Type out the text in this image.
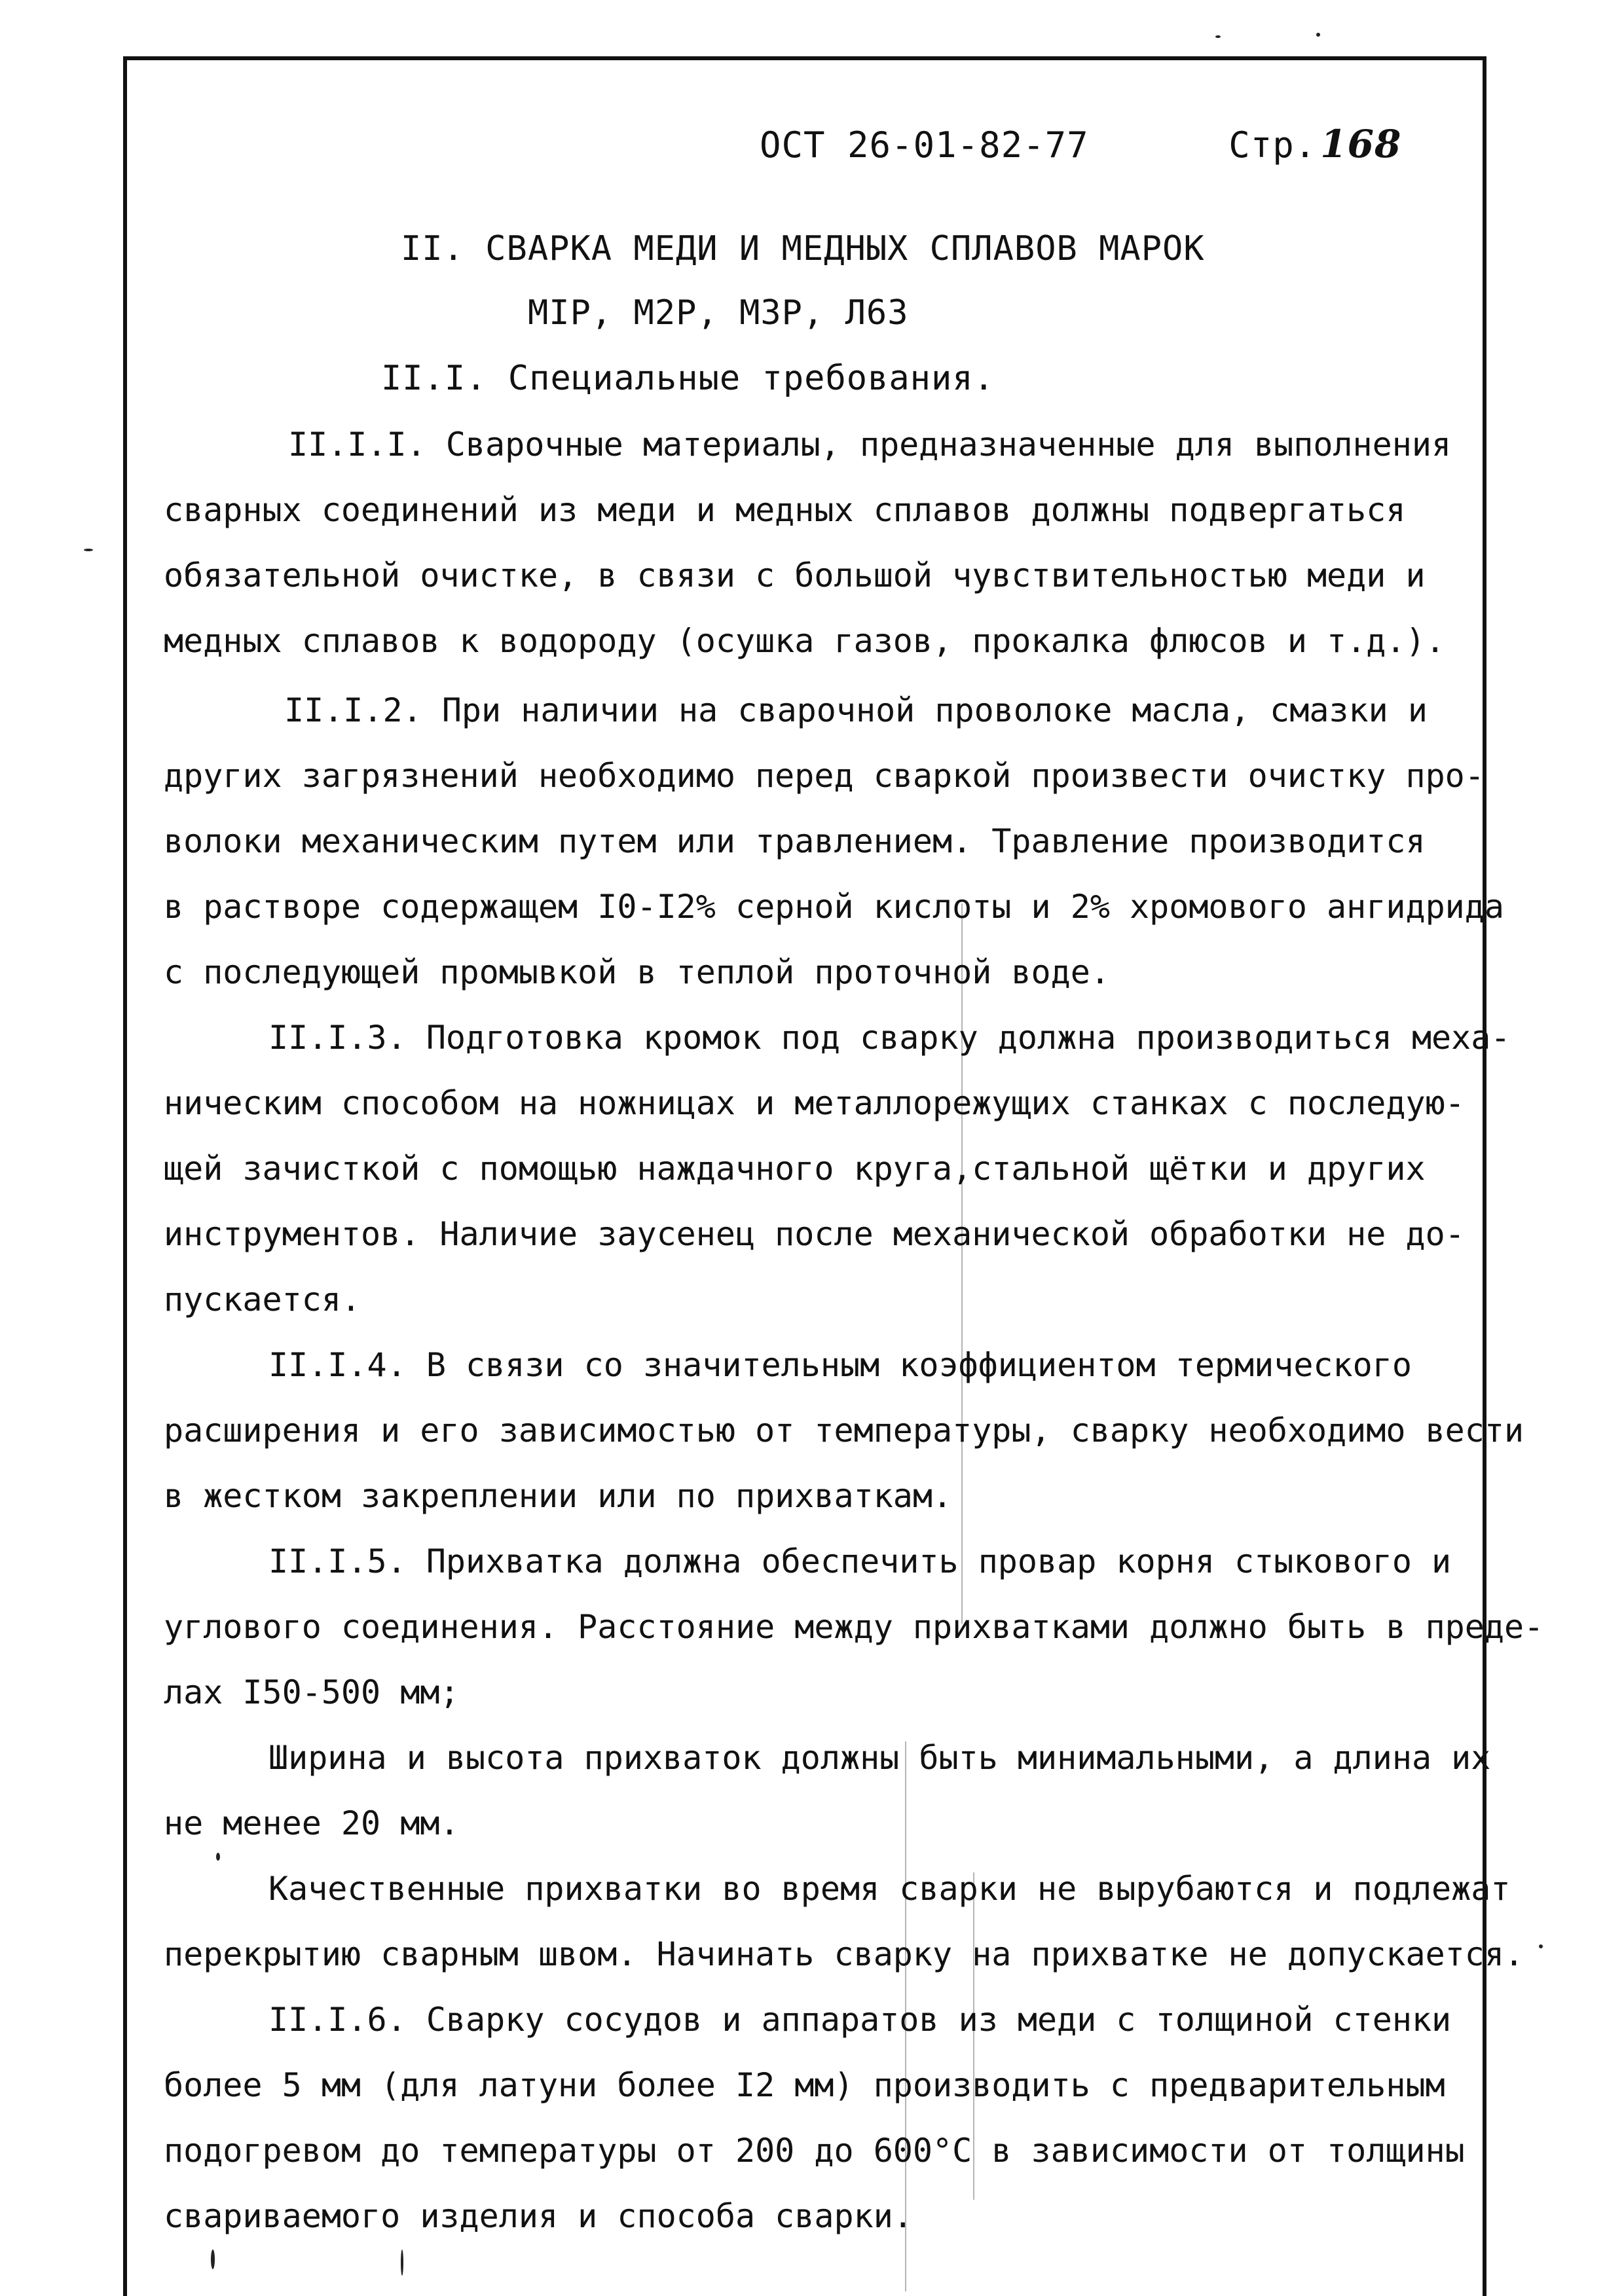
ОСТ 26-01-82-77	Стр. 168
II. СВАРКА МЕДИ И МЕДНЫХ СПЛАВОВ МАРОК
МIР, М2Р, М3Р, Л63
II.I. Специальные требования.
II.I.I. Сварочные материалы, предназначенные для выполнения
сварных соединений из меди и медных сплавов должны подвергаться
обязательной очистке, в связи с большой чувствительностью меди и
медных сплавов к водороду (осушка газов, прокалка флюсов и т.д.).
II.I.2. При наличии на сварочной проволоке масла, смазки и
других загрязнений необходимо перед сваркой произвести очистку про-
волоки механическим путем или травлением. Травление производится
в растворе содержащем I0-I2% серной кислоты и 2% хромового ангидрида
с последующей промывкой в теплой проточной воде.
II.I.3. Подготовка кромок под сварку должна производиться меха-
ническим способом на ножницах и металлорежущих станках с последую-
щей зачисткой с помощью наждачного круга,стальной щётки и других
инструментов. Наличие заусенец после механической обработки не до-
пускается.
II.I.4. В связи со значительным коэффициентом термического
расширения и его зависимостью от температуры, сварку необходимо вести
в жестком закреплении или по прихваткам.
II.I.5. Прихватка должна обеспечить провар корня стыкового и
углового соединения. Расстояние между прихватками должно быть в преде-
лах I50-500 мм;
Ширина и высота прихваток должны быть минимальными, а длина их
не менее 20 мм.
Качественные прихватки во время сварки не вырубаются и подлежат
перекрытию сварным швом. Начинать сварку на прихватке не допускается.
II.I.6. Сварку сосудов и аппаратов из меди с толщиной стенки
более 5 мм (для латуни более I2 мм) производить с предварительным
подогревом до температуры от 200 до 600°С в зависимости от толщины
свариваемого изделия и способа сварки.
